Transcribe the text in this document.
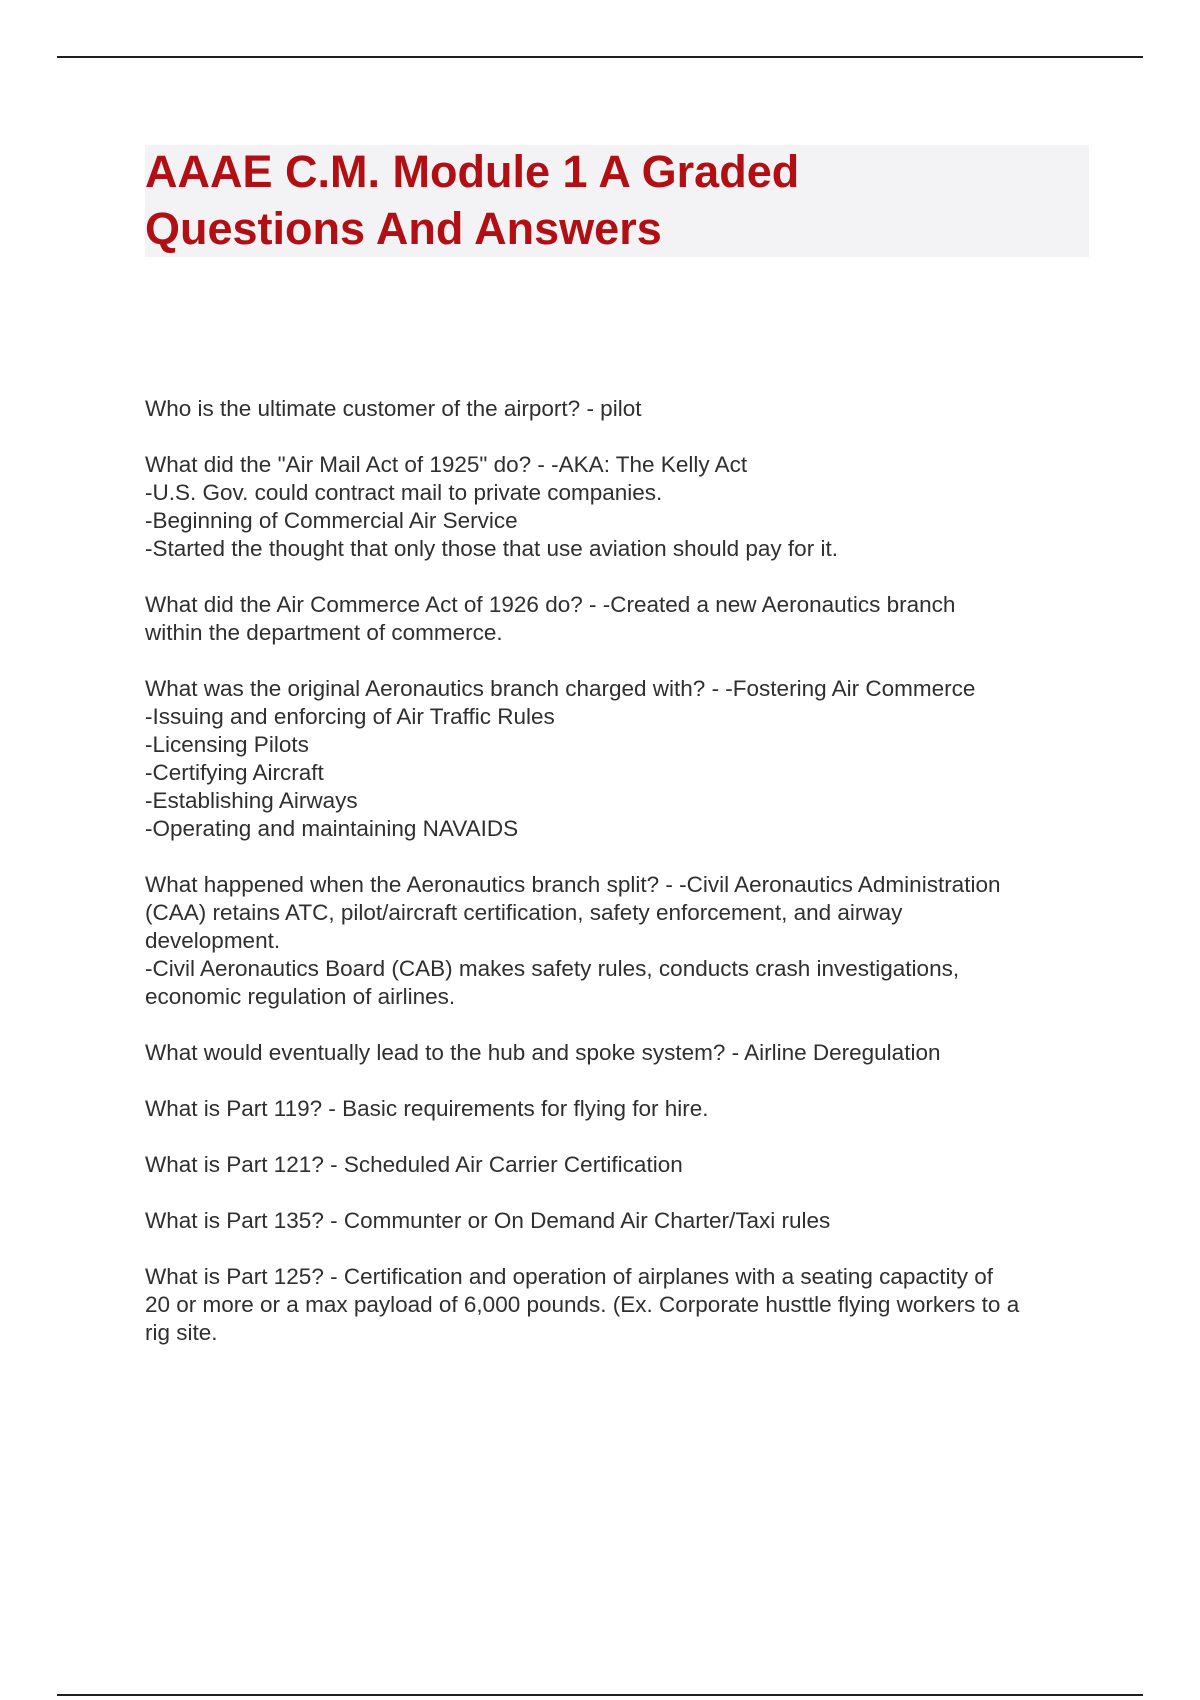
AAAE C.M. Module 1 A Graded
Questions And Answers

Who is the ultimate customer of the airport? - pilot

What did the "Air Mail Act of 1925" do? - -AKA: The Kelly Act
-U.S. Gov. could contract mail to private companies.
-Beginning of Commercial Air Service
-Started the thought that only those that use aviation should pay for it.

What did the Air Commerce Act of 1926 do? - -Created a new Aeronautics branch
within the department of commerce.

What was the original Aeronautics branch charged with? - -Fostering Air Commerce
-Issuing and enforcing of Air Traffic Rules
-Licensing Pilots
-Certifying Aircraft
-Establishing Airways
-Operating and maintaining NAVAIDS

What happened when the Aeronautics branch split? - -Civil Aeronautics Administration
(CAA) retains ATC, pilot/aircraft certification, safety enforcement, and airway
development.
-Civil Aeronautics Board (CAB) makes safety rules, conducts crash investigations,
economic regulation of airlines.

What would eventually lead to the hub and spoke system? - Airline Deregulation

What is Part 119? - Basic requirements for flying for hire.

What is Part 121? - Scheduled Air Carrier Certification

What is Part 135? - Communter or On Demand Air Charter/Taxi rules

What is Part 125? - Certification and operation of airplanes with a seating capactity of
20 or more or a max payload of 6,000 pounds. (Ex. Corporate husttle flying workers to a
rig site.
